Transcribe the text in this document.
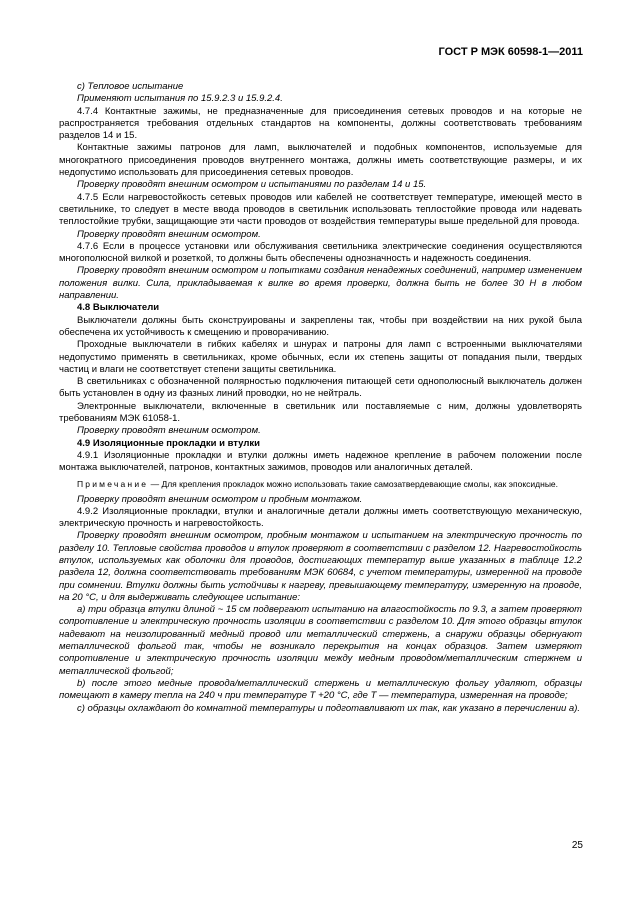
ГОСТ Р МЭК 60598-1—2011

c) Тепловое испытание

Применяют испытания по 15.9.2.3 и 15.9.2.4.

4.7.4 Контактные зажимы, не предназначенные для присоединения сетевых проводов и на которые не распространяется требования отдельных стандартов на компоненты, должны соответствовать требованиям разделов 14 и 15.

Контактные зажимы патронов для ламп, выключателей и подобных компонентов, используемые для многократного присоединения проводов внутреннего монтажа, должны иметь соответствующие размеры, и их недопустимо использовать для присоединения сетевых проводов.

Проверку проводят внешним осмотром и испытаниями по разделам 14 и 15.

4.7.5 Если нагревостойкость сетевых проводов или кабелей не соответствует температуре, имеющей место в светильнике, то следует в месте ввода проводов в светильник использовать теплостойкие провода или надевать теплостойкие трубки, защищающие эти части проводов от воздействия температуры выше предельной для провода.

Проверку проводят внешним осмотром.

4.7.6 Если в процессе установки или обслуживания светильника электрические соединения осуществляются многополюсной вилкой и розеткой, то должны быть обеспечены однозначность и надежность соединения.

Проверку проводят внешним осмотром и попытками создания ненадежных соединений, например изменением положения вилки. Сила, прикладываемая к вилке во время проверки, должна быть не более 30 Н в любом направлении.

4.8 Выключатели

Выключатели должны быть сконструированы и закреплены так, чтобы при воздействии на них рукой была обеспечена их устойчивость к смещению и проворачиванию.

Проходные выключатели в гибких кабелях и шнурах и патроны для ламп с встроенными выключателями недопустимо применять в светильниках, кроме обычных, если их степень защиты от попадания пыли, твердых частиц и влаги не соответствует степени защиты светильника.

В светильниках с обозначенной полярностью подключения питающей сети однополюсный выключатель должен быть установлен в одну из фазных линий проводки, но не нейтраль.

Электронные выключатели, включенные в светильник или поставляемые с ним, должны удовлетворять требованиям МЭК 61058-1.

Проверку проводят внешним осмотром.

4.9 Изоляционные прокладки и втулки

4.9.1 Изоляционные прокладки и втулки должны иметь надежное крепление в рабочем положении после монтажа выключателей, патронов, контактных зажимов, проводов или аналогичных деталей.

Примечание — Для крепления прокладок можно использовать такие самозатвердевающие смолы, как эпоксидные.

Проверку проводят внешним осмотром и пробным монтажом.

4.9.2 Изоляционные прокладки, втулки и аналогичные детали должны иметь соответствующую механическую, электрическую прочность и нагревостойкость.

Проверку проводят внешним осмотром, пробным монтажом и испытанием на электрическую прочность по разделу 10. Тепловые свойства проводов и втулок проверяют в соответствии с разделом 12. Нагревостойкость втулок, используемых как оболочки для проводов, достигающих температур выше указанных в таблице 12.2 раздела 12, должна соответствовать требованиям МЭК 60684, с учетом температуры, измеренной на проводе при сомнении. Втулки должны быть устойчивы к нагреву, превышающему температуру, измеренную на проводе, на 20 °С, и для выдерживать следующее испытание:

а) три образца втулки длиной ~ 15 см подвергают испытанию на влагостойкость по 9.3, а затем проверяют сопротивление и электрическую прочность изоляции в соответствии с разделом 10. Для этого образцы втулок надевают на неизолированный медный провод или металлический стержень, а снаружи образцы обернуают металлической фольгой так, чтобы не возникало перекрытия на концах образцов. Затем измеряют сопротивление и электрическую прочность изоляции между медным проводом/металлическим стержнем и металлической фольгой;

b) после этого медные провода/металлический стержень и металлическую фольгу удаляют, образцы помещают в камеру тепла на 240 ч при температуре Т +20 °С, где Т — температура, измеренная на проводе;

c) образцы охлаждают до комнатной температуры и подготавливают их так, как указано в перечислении а).

25
